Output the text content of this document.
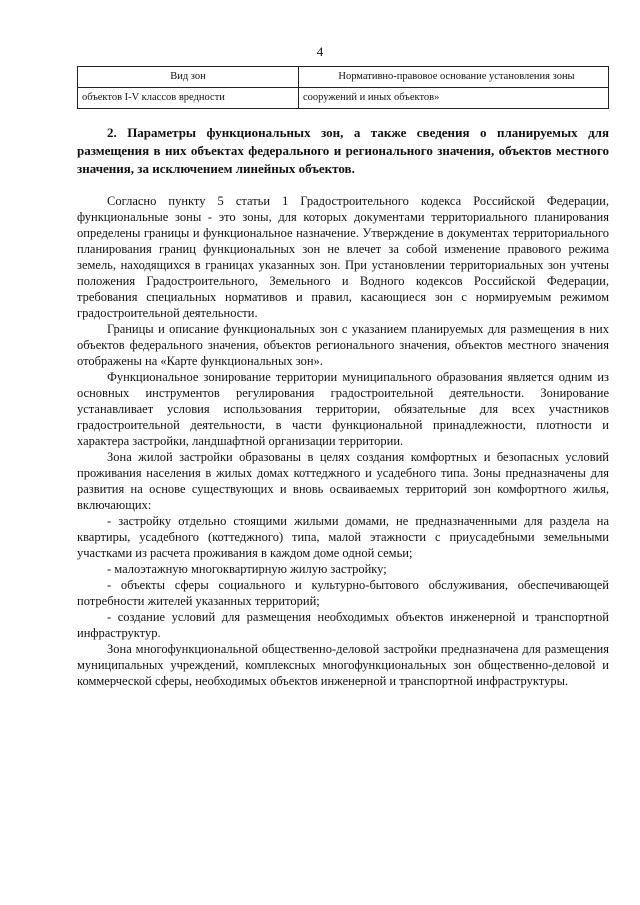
4
Вид зон	Нормативно-правовое основание установления зоны
объектов I-V классов вредности	сооружений и иных объектов»
2. Параметры функциональных зон, а также сведения о планируемых для размещения в них объектах федерального и регионального значения, объектов местного значения, за исключением линейных объектов.

Согласно пункту 5 статьи 1 Градостроительного кодекса Российской Федерации, функциональные зоны - это зоны, для которых документами территориального планирования определены границы и функциональное назначение. Утверждение в документах территориального планирования границ функциональных зон не влечет за собой изменение правового режима земель, находящихся в границах указанных зон. При установлении территориальных зон учтены положения Градостроительного, Земельного и Водного кодексов Российской Федерации, требования специальных нормативов и правил, касающиеся зон с нормируемым режимом градостроительной деятельности.

Границы и описание функциональных зон с указанием планируемых для размещения в них объектов федерального значения, объектов регионального значения, объектов местного значения отображены на «Карте функциональных зон».

Функциональное зонирование территории муниципального образования является одним из основных инструментов регулирования градостроительной деятельности. Зонирование устанавливает условия использования территории, обязательные для всех участников градостроительной деятельности, в части функциональной принадлежности, плотности и характера застройки, ландшафтной организации территории.

Зона жилой застройки образованы в целях создания комфортных и безопасных условий проживания населения в жилых домах коттеджного и усадебного типа. Зоны предназначены для развития на основе существующих и вновь осваиваемых территорий зон комфортного жилья, включающих:

- застройку отдельно стоящими жилыми домами, не предназначенными для раздела на квартиры, усадебного (коттеджного) типа, малой этажности с приусадебными земельными участками из расчета проживания в каждом доме одной семьи;

- малоэтажную многоквартирную жилую застройку;

- объекты сферы социального и культурно-бытового обслуживания, обеспечивающей потребности жителей указанных территорий;

- создание условий для размещения необходимых объектов инженерной и транспортной инфраструктур.

Зона многофункциональной общественно-деловой застройки предназначена для размещения муниципальных учреждений, комплексных многофункциональных зон общественно-деловой и коммерческой сферы, необходимых объектов инженерной и транспортной инфраструктуры.
